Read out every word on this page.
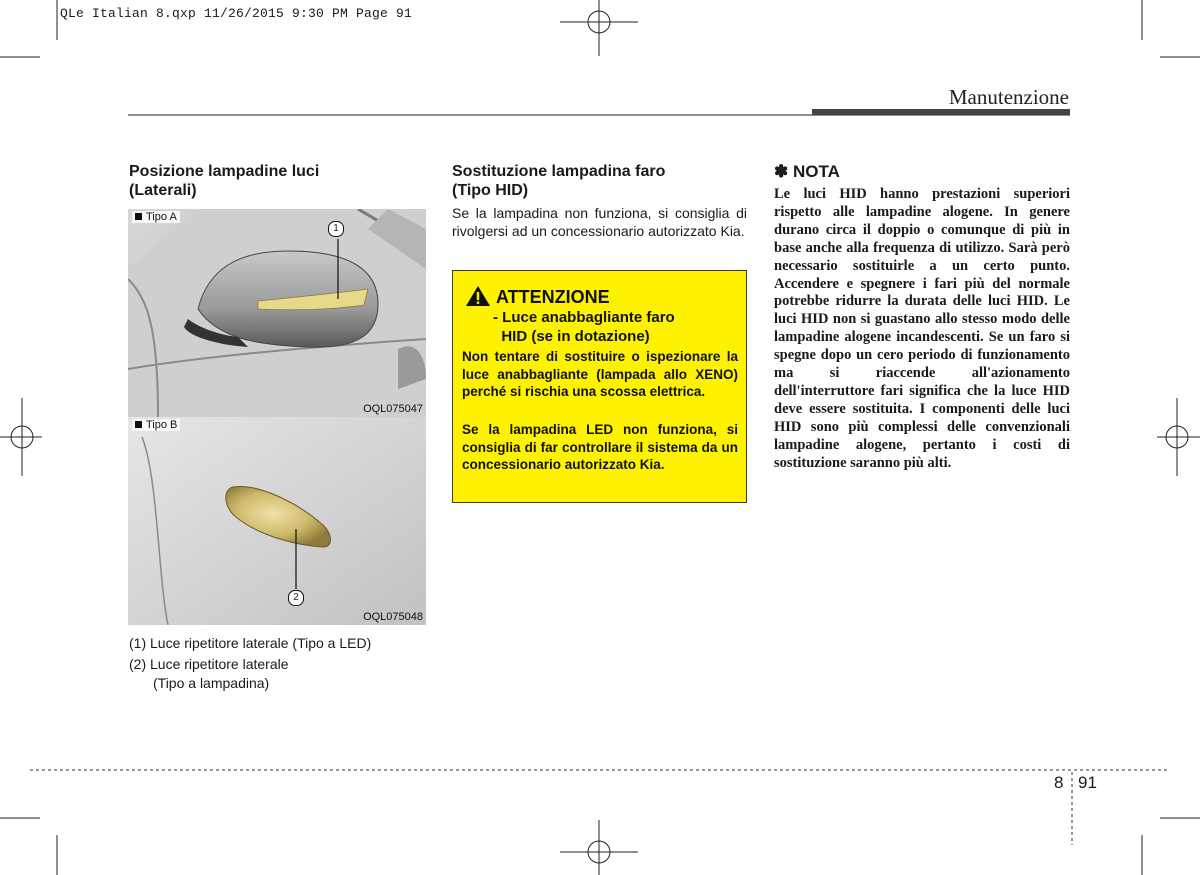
QLe Italian 8.qxp 11/26/2015 9:30 PM Page 91
Manutenzione
Posizione lampadine luci
(Laterali)
Tipo A
1
OQL075047
Tipo B
2
OQL075048
(1) Luce ripetitore laterale (Tipo a LED)
(2) Luce ripetitore laterale
(Tipo a lampadina)
Sostituzione lampadina faro
(Tipo HID)
Se la lampadina non funziona, si consiglia di rivolgersi ad un concessionario autorizzato Kia.
ATTENZIONE
- Luce anabbagliante faro
HID (se in dotazione)
Non tentare di sostituire o ispezionare la luce anabbagliante (lampada allo XENO) perché si rischia una scossa elettrica.
Se la lampadina LED non funziona, si consiglia di far controllare il sistema da un concessionario autorizzato Kia.
✽ NOTA
Le luci HID hanno prestazioni superiori rispetto alle lampadine alogene. In genere durano circa il doppio o comunque di più in base anche alla frequenza di utilizzo. Sarà però necessario sostituirle a un certo punto. Accendere e spegnere i fari più del normale potrebbe ridurre la durata delle luci HID. Le luci HID non si guastano allo stesso modo delle lampadine alogene incandescenti. Se un faro si spegne dopo un cero periodo di funzionamento ma si riaccende all'azionamento dell'interruttore fari significa che la luce HID deve essere sostituita. I componenti delle luci HID sono più complessi delle convenzionali lampadine alogene, pertanto i costi di sostituzione saranno più alti.
8 91
